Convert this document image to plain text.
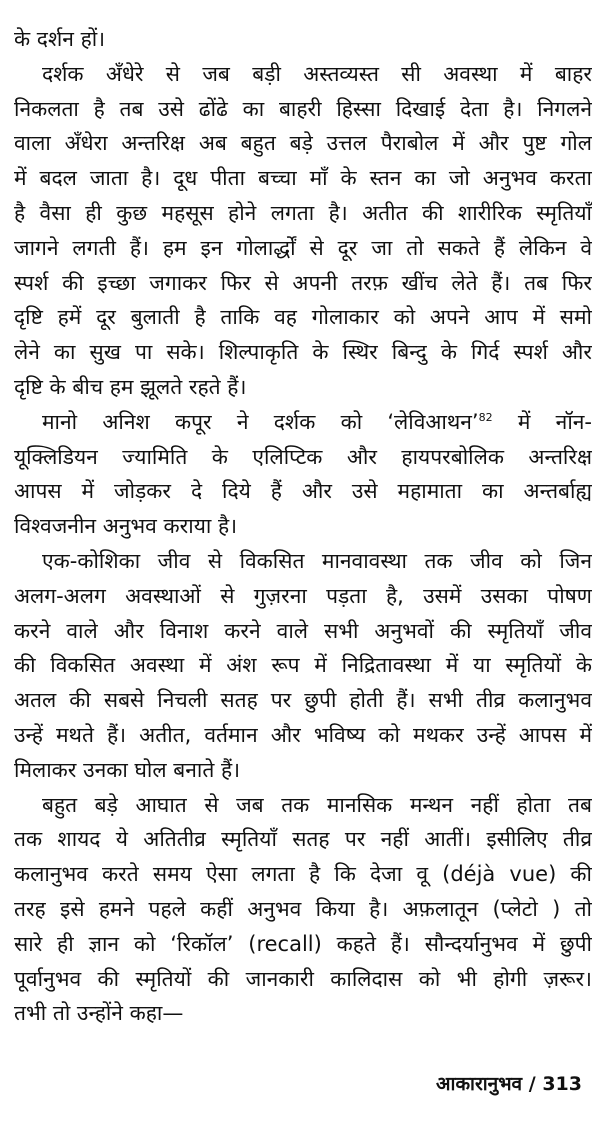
के दर्शन हों।
दर्शक अँधेरे से जब बड़ी अस्तव्यस्त सी अवस्था में बाहर
निकलता है तब उसे ढोंढे का बाहरी हिस्सा दिखाई देता है। निगलने
वाला अँधेरा अन्तरिक्ष अब बहुत बड़े उत्तल पैराबोल में और पुष्ट गोल
में बदल जाता है। दूध पीता बच्चा माँ के स्तन का जो अनुभव करता
है वैसा ही कुछ महसूस होने लगता है। अतीत की शारीरिक स्मृतियाँ
जागने लगती हैं। हम इन गोलार्द्धों से दूर जा तो सकते हैं लेकिन वे
स्पर्श की इच्छा जगाकर फिर से अपनी तरफ़ खींच लेते हैं। तब फिर
दृष्टि हमें दूर बुलाती है ताकि वह गोलाकार को अपने आप में समो
लेने का सुख पा सके। शिल्पाकृति के स्थिर बिन्दु के गिर्द स्पर्श और
दृष्टि के बीच हम झूलते रहते हैं।
मानो अनिश कपूर ने दर्शक को ‘लेविआथन’$^{82}$ में नॉन-
यूक्लिडियन ज्यामिति के एलिप्टिक और हायपरबोलिक अन्तरिक्ष
आपस में जोड़कर दे दिये हैं और उसे महामाता का अन्तर्बाह्य
विश्वजनीन अनुभव कराया है।
एक-कोशिका जीव से विकसित मानवावस्था तक जीव को जिन
अलग-अलग अवस्थाओं से गुज़रना पड़ता है, उसमें उसका पोषण
करने वाले और विनाश करने वाले सभी अनुभवों की स्मृतियाँ जीव
की विकसित अवस्था में अंश रूप में निद्रितावस्था में या स्मृतियों के
अतल की सबसे निचली सतह पर छुपी होती हैं। सभी तीव्र कलानुभव
उन्हें मथते हैं। अतीत, वर्तमान और भविष्य को मथकर उन्हें आपस में
मिलाकर उनका घोल बनाते हैं।
बहुत बड़े आघात से जब तक मानसिक मन्थन नहीं होता तब
तक शायद ये अतितीव्र स्मृतियाँ सतह पर नहीं आतीं। इसीलिए तीव्र
कलानुभव करते समय ऐसा लगता है कि देजा वू (déjà vue) की
तरह इसे हमने पहले कहीं अनुभव किया है। अफ़लातून (प्लेटो ) तो
सारे ही ज्ञान को ‘रिकॉल’ (recall) कहते हैं। सौन्दर्यानुभव में छुपी
पूर्वानुभव की स्मृतियों की जानकारी कालिदास को भी होगी ज़रूर।
तभी तो उन्होंने कहा—
आकारानुभव / 313
